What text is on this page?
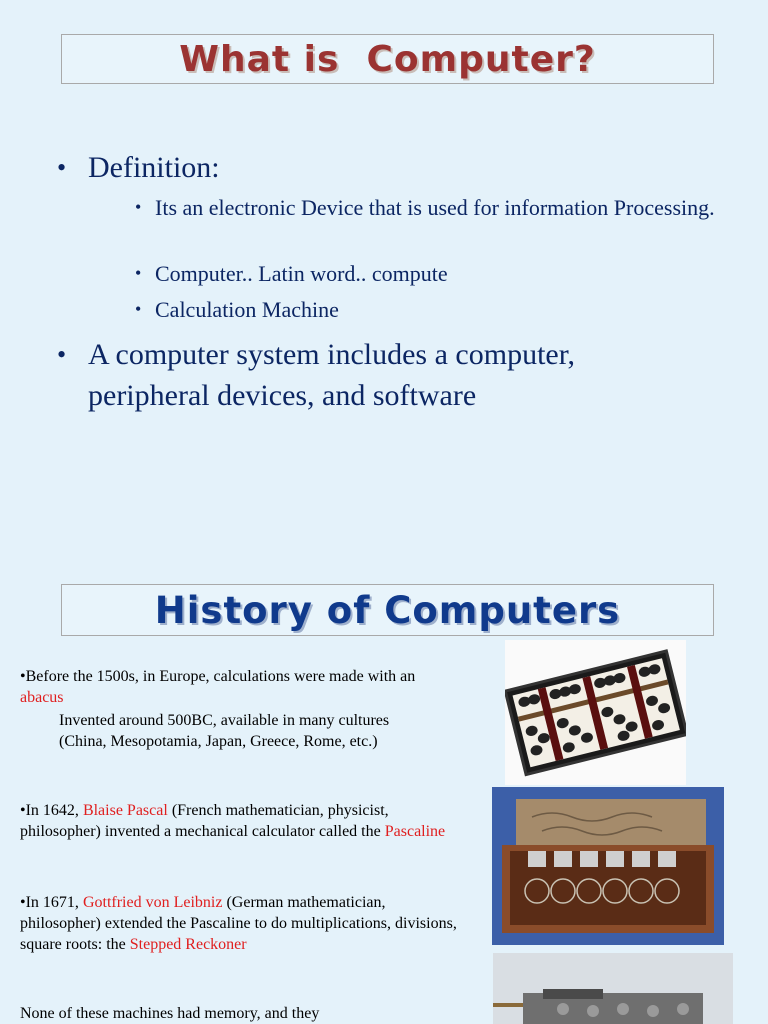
What is  Computer?
• Definition:
• Its an electronic Device that is used for information Processing.
• Computer.. Latin word.. compute
• Calculation Machine
• A computer system includes a computer, peripheral devices, and software
History of Computers
•Before the 1500s, in Europe, calculations were made with an abacus
Invented around 500BC, available in many cultures (China, Mesopotamia, Japan, Greece, Rome, etc.)
•In 1642, Blaise Pascal (French mathematician, physicist, philosopher) invented a mechanical calculator called the Pascaline
•In 1671, Gottfried von Leibniz (German mathematician, philosopher) extended the Pascaline to do multiplications, divisions, square roots: the Stepped Reckoner
None of these machines had memory, and they
